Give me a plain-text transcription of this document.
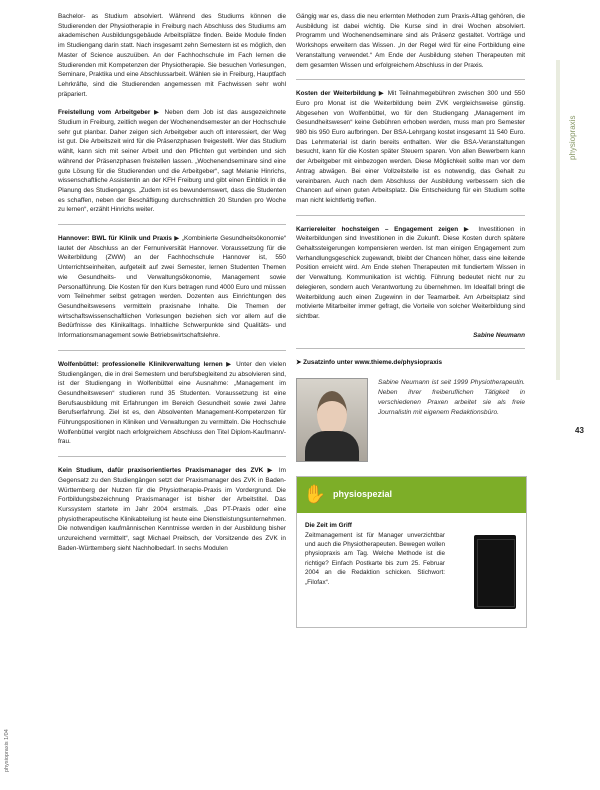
physiopraxis
43
physiopraxis 1/04

Bachelor- as Studium absolviert. Während des Studiums können die Studierenden der Physiotherapie in Freiburg nach Abschluss des Studiums am akademischen Ausbildungsgebäude Arbeitsplätze finden. Beide Module finden im Studiengang darin statt. Nach insgesamt zehn Semestern ist es möglich, den Master of Science auszuüben. An der Fachhochschule im Fach lernen die Studierenden mit Kompetenzen der Physiotherapie. Sie besuchen Vorlesungen, Seminare, Praktika und eine Abschlussarbeit. Wählen sie in Freiburg, Hauptfach Lehrkräfte, sind die Studierenden angemessen mit Fachwissen sehr wohl präpariert.

Freistellung vom Arbeitgeber ▶ Neben dem Job ist das ausgezeichnete Studium in Freiburg, zeitlich wegen der Wochenendsemester an der Hochschule sehr gut planbar. Daher zeigen sich Arbeitgeber auch oft interessiert, der Weg ist gut. Die Arbeitszeit wird für die Präsenzphasen freigestellt. Wer das Studium wählt, kann sich mit seiner Arbeit und den Pflichten gut verbinden und sich während der Präsenzphasen freistellen lassen. „Wochenendseminare sind eine gute Lösung für die Studierenden und die Arbeitgeber“, sagt Melanie Hinrichs, wissenschaftliche Assistentin an der KFH Freiburg und gibt einen Einblick in die Planung des Studiengangs. „Zudem ist es bewundernswert, dass die Studenten es schaffen, neben der Beschäftigung durchschnittlich 20 Stunden pro Woche zu lernen“, erzählt Hinrichs weiter.

Hannover: BWL für Klinik und Praxis ▶ „Kombinierte Gesundheitsökonomie“ lautet der Abschluss an der Fernuniversität Hannover. Voraussetzung für die Weiterbildung (ZWW) an der Fachhochschule Hannover ist, 550 Unterrichtseinheiten, aufgeteilt auf zwei Semester, lernen Studenten Themen wie Gesundheits- und Verwaltungsökonomie, Management sowie Personalführung. Die Kosten für den Kurs betragen rund 4000 Euro und müssen vom Teilnehmer selbst getragen werden. Dozenten aus Einrichtungen des Gesundheitswesens vermitteln praxisnahe Inhalte. Die Themen der wirtschaftswissenschaftlichen Vorlesungen beziehen sich vor allem auf die Bedürfnisse des Klinikalltags. Inhaltliche Schwerpunkte sind Qualitäts- und Informationsmanagement sowie Betriebswirtschaftslehre.

Wolfenbüttel: professionelle Klinikverwaltung lernen ▶ Unter den vielen Studiengängen, die in drei Semestern und berufsbegleitend zu absolvieren sind, ist der Studiengang in Wolfenbüttel eine Ausnahme: „Management im Gesundheitswesen“ studieren rund 35 Studenten. Voraussetzung ist eine Berufsausbildung mit Erfahrungen im Bereich Gesundheit sowie zwei Jahre Berufserfahrung. Ziel ist es, den Absolventen Management-Kompetenzen für Führungspositionen in Kliniken und Verwaltungen zu vermitteln. Die Hochschule Wolfenbüttel vergibt nach erfolgreichem Abschluss den Titel Diplom-Kaufmann/-frau.

Kein Studium, dafür praxisorientiertes Praxismanager des ZVK ▶ Im Gegensatz zu den Studiengängen setzt der Praxismanager des ZVK in Baden-Württemberg der Nutzen für die Physiotherapie-Praxis im Vordergrund. Die Fortbildungsbezeichnung Praxismanager ist bisher der Arbeitstitel. Das Kurssystem startete im Jahr 2004 erstmals. „Das PT-Praxis oder eine physiotherapeutische Klinikabteilung ist heute eine Dienstleistungsunternehmen. Die notwendigen kaufmännischen Kenntnisse werden in der Ausbildung bisher unzureichend vermittelt“, sagt Michael Preibsch, der Vorsitzende des ZVK in Baden-Württemberg sieht Nachholbedarf. In sechs Modulen

Gängig war es, dass die neu erlernten Methoden zum Praxis-Alltag gehören, die Ausbildung ist dabei wichtig. Die Kurse sind in drei Wochen absolviert. Programm und Wochenendseminare sind als Präsenz gestaltet. Vorträge und Workshops erweitern das Wissen. „In der Regel wird für eine Fortbildung eine Veranstaltung verwendet.“ Am Ende der Ausbildung stehen Therapeuten mit dem gesamten Wissen und erfolgreichem Abschluss in der Praxis.

Kosten der Weiterbildung ▶ Mit Teilnahmegebühren zwischen 300 und 550 Euro pro Monat ist die Weiterbildung beim ZVK vergleichsweise günstig. Abgesehen von Wolfenbüttel, wo für den Studiengang „Management im Gesundheitswesen“ keine Gebühren erhoben werden, muss man pro Semester 980 bis 950 Euro aufbringen. Der BSA-Lehrgang kostet insgesamt 11 540 Euro. Das Lehrmaterial ist darin bereits enthalten. Wer die BSA-Veranstaltungen besucht, kann für die Kosten später Steuern sparen. Von allen Bewerbern kann der Arbeitgeber mit einbezogen werden. Diese Möglichkeit sollte man vor dem Antrag abwägen. Bei einer Vollzeitstelle ist es notwendig, das Gehalt zu vereinbaren. Auch nach dem Abschluss der Ausbildung verbessern sich die Chancen auf einen guten Arbeitsplatz. Die Entscheidung für ein Studium sollte man nicht leichtfertig treffen.

Karriereleiter hochsteigen – Engagement zeigen ▶ Investitionen in Weiterbildungen sind Investitionen in die Zukunft. Diese Kosten durch spätere Gehaltssteigerungen kompensieren werden. Ist man einigen Engagement zum Verhandlungsgeschick zugewandt, bleibt der Chancen höher, dass eine leitende Position erreicht wird. Am Ende stehen Therapeuten mit fundiertem Wissen in der Verwaltung. Kommunikation ist wichtig. Führung bedeutet nicht nur zu delegieren, sondern auch Verantwortung zu übernehmen. Im Idealfall bringt die Weiterbildung auch einen Zugewinn in der Teamarbeit. Am Arbeitsplatz sind motivierte Mitarbeiter immer gefragt, die Vorteile von solcher Weiterbildung sind sichtbar.

Sabine Neumann
➤ Zusatzinfo unter www.thieme.de/physiopraxis
Sabine Neumann ist seit 1999 Physiotherapeutin. Neben ihrer freiberuflichen Tätigkeit in verschiedenen Praxen arbeitet sie als freie Journalistin mit eigenem Redaktionsbüro.
✋ physiospezial
Die Zeit im Griff
Zeitmanagement ist für Manager unverzichtbar und auch die Physiotherapeuten. Bewegen wollen physiopraxis am Tag. Welche Methode ist die richtige? Einfach Postkarte bis zum 25. Februar 2004 an die Redaktion schicken. Stichwort: „Filofax“.
